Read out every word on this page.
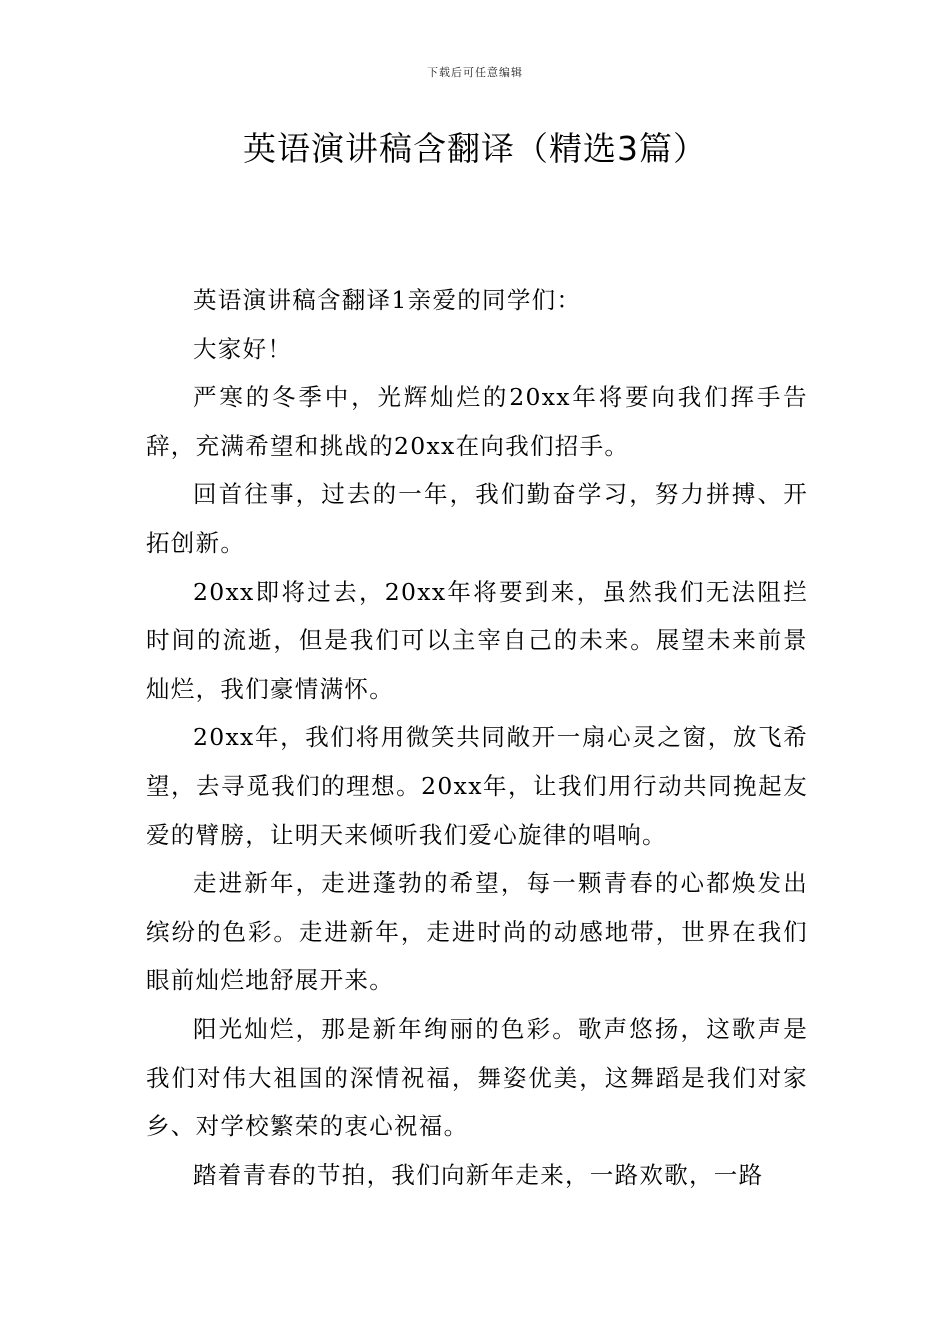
下载后可任意编辑
英语演讲稿含翻译（精选3篇）

英语演讲稿含翻译1亲爱的同学们：

大家好！

严寒的冬季中，光辉灿烂的20xx年将要向我们挥手告辞，充满希望和挑战的20xx在向我们招手。

回首往事，过去的一年，我们勤奋学习，努力拼搏、开拓创新。

20xx即将过去，20xx年将要到来，虽然我们无法阻拦时间的流逝，但是我们可以主宰自己的未来。展望未来前景灿烂，我们豪情满怀。

20xx年，我们将用微笑共同敞开一扇心灵之窗，放飞希望，去寻觅我们的理想。20xx年，让我们用行动共同挽起友爱的臂膀，让明天来倾听我们爱心旋律的唱响。

走进新年，走进蓬勃的希望，每一颗青春的心都焕发出缤纷的色彩。走进新年，走进时尚的动感地带，世界在我们眼前灿烂地舒展开来。

阳光灿烂，那是新年绚丽的色彩。歌声悠扬，这歌声是我们对伟大祖国的深情祝福，舞姿优美，这舞蹈是我们对家乡、对学校繁荣的衷心祝福。

踏着青春的节拍，我们向新年走来，一路欢歌，一路
